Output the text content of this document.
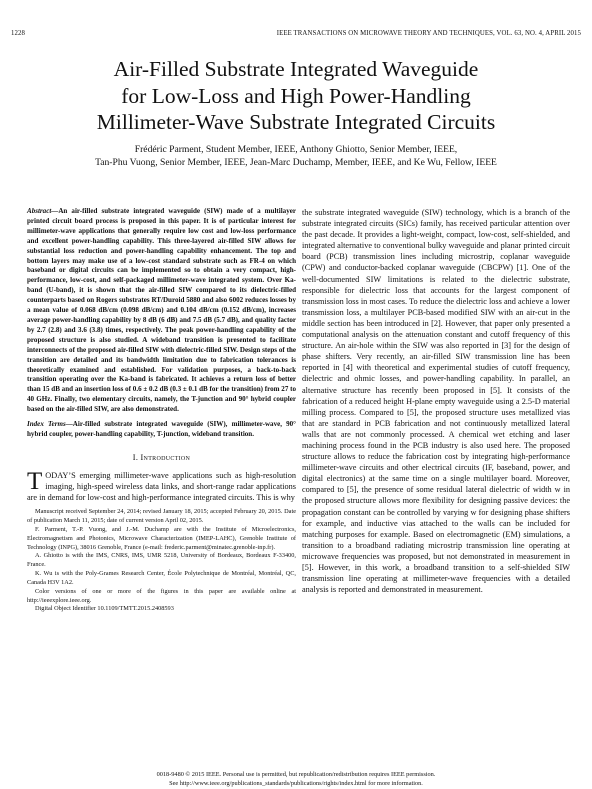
1228	IEEE TRANSACTIONS ON MICROWAVE THEORY AND TECHNIQUES, VOL. 63, NO. 4, APRIL 2015
Air-Filled Substrate Integrated Waveguide
for Low-Loss and High Power-Handling
Millimeter-Wave Substrate Integrated Circuits
Frédéric Parment, Student Member, IEEE, Anthony Ghiotto, Senior Member, IEEE,
Tan-Phu Vuong, Senior Member, IEEE, Jean-Marc Duchamp, Member, IEEE, and Ke Wu, Fellow, IEEE

Abstract—An air-filled substrate integrated waveguide (SIW) made of a multilayer printed circuit board process is proposed in this paper. It is of particular interest for millimeter-wave applications that generally require low cost and low-loss performance and excellent power-handling capability. This three-layered air-filled SIW allows for substantial loss reduction and power-handling capability enhancement. The top and bottom layers may make use of a low-cost standard substrate such as FR-4 on which baseband or digital circuits can be implemented so to obtain a very compact, high-performance, low-cost, and self-packaged millimeter-wave integrated system. Over Ka-band (U-band), it is shown that the air-filled SIW compared to its dielectric-filled counterparts based on Rogers substrates RT/Duroid 5880 and also 6002 reduces losses by a mean value of 0.068 dB/cm (0.098 dB/cm) and 0.104 dB/cm (0.152 dB/cm), increases average power-handling capability by 8 dB (6 dB) and 7.5 dB (5.7 dB), and quality factor by 2.7 (2.8) and 3.6 (3.8) times, respectively. The peak power-handling capability of the proposed structure is also studied. A wideband transition is presented to facilitate interconnects of the proposed air-filled SIW with dielectric-filled SIW. Design steps of the transition are detailed and its bandwidth limitation due to fabrication tolerances is theoretically examined and established. For validation purposes, a back-to-back transition operating over the Ka-band is fabricated. It achieves a return loss of better than 15 dB and an insertion loss of 0.6 ± 0.2 dB (0.3 ± 0.1 dB for the transition) from 27 to 40 GHz. Finally, two elementary circuits, namely, the T-junction and 90° hybrid coupler based on the air-filled SIW, are also demonstrated.

Index Terms—Air-filled substrate integrated waveguide (SIW), millimeter-wave, 90° hybrid coupler, power-handling capability, T-junction, wideband transition.

I. Introduction

TODAY’S emerging millimeter-wave applications such as high-resolution imaging, high-speed wireless data links, and short-range radar applications are in demand for low-cost and high-performance integrated circuits. This is why

Manuscript received September 24, 2014; revised January 18, 2015; accepted February 20, 2015. Date of publication March 11, 2015; date of current version April 02, 2015.

F. Parment, T.-P. Vuong, and J.-M. Duchamp are with the Institute of Microelectronics, Electromagnetism and Photonics, Microwave Characterization (IMEP-LAHC), Grenoble Institute of Technology (INPG), 38016 Grenoble, France (e-mail: frederic.parment@minatec.grenoble-inp.fr).

A. Ghiotto is with the IMS, CNRS, IMS, UMR 5218, University of Bordeaux, Bordeaux F-33400, France.

K. Wu is with the Poly-Grames Research Center, École Polytechnique de Montréal, Montréal, QC, Canada H3V 1A2.

Color versions of one or more of the figures in this paper are available online at http://ieeexplore.ieee.org.

Digital Object Identifier 10.1109/TMTT.2015.2408593

the substrate integrated waveguide (SIW) technology, which is a branch of the substrate integrated circuits (SICs) family, has received particular attention over the past decade. It provides a light-weight, compact, low-cost, self-shielded, and integrated alternative to conventional bulky waveguide and planar printed circuit board (PCB) transmission lines including microstrip, coplanar waveguide (CPW) and conductor-backed coplanar waveguide (CBCPW) [1]. One of the well-documented SIW limitations is related to the dielectric substrate, responsible for dielectric loss that accounts for the largest component of transmission loss in most cases. To reduce the dielectric loss and achieve a lower transmission loss, a multilayer PCB-based modified SIW with an air-cut in the middle section has been introduced in [2]. However, that paper only presented a computational analysis on the attenuation constant and cutoff frequency of this structure. An air-hole within the SIW was also reported in [3] for the design of phase shifters. Very recently, an air-filled SIW transmission line has been reported in [4] with theoretical and experimental studies of cutoff frequency, dielectric and ohmic losses, and power-handling capability. In parallel, an alternative structure has recently been proposed in [5]. It consists of the fabrication of a reduced height H-plane empty waveguide using a 2.5-D material milling process. Compared to [5], the proposed structure uses metallized vias that are standard in PCB fabrication and not continuously metallized lateral walls that are not commonly processed. A chemical wet etching and laser machining process found in the PCB industry is also used here. The proposed structure allows to reduce the fabrication cost by integrating high-performance millimeter-wave circuits and other electrical circuits (IF, baseband, power, and digital electronics) at the same time on a single multilayer board. Moreover, compared to [5], the presence of some residual lateral dielectric of width w in the proposed structure allows more flexibility for designing passive devices: the propagation constant can be controlled by varying w for designing phase shifters for example, and inductive vias attached to the walls can be included for matching purposes for example. Based on electromagnetic (EM) simulations, a transition to a broadband radiating microstrip transmission line operating at microwave frequencies was proposed, but not demonstrated in measurement in [5]. However, in this work, a broadband transition to a self-shielded SIW transmission line operating at millimeter-wave frequencies with a detailed analysis is reported and demonstrated in measurement.

0018-9480 © 2015 IEEE. Personal use is permitted, but republication/redistribution requires IEEE permission.
See http://www.ieee.org/publications_standards/publications/rights/index.html for more information.
